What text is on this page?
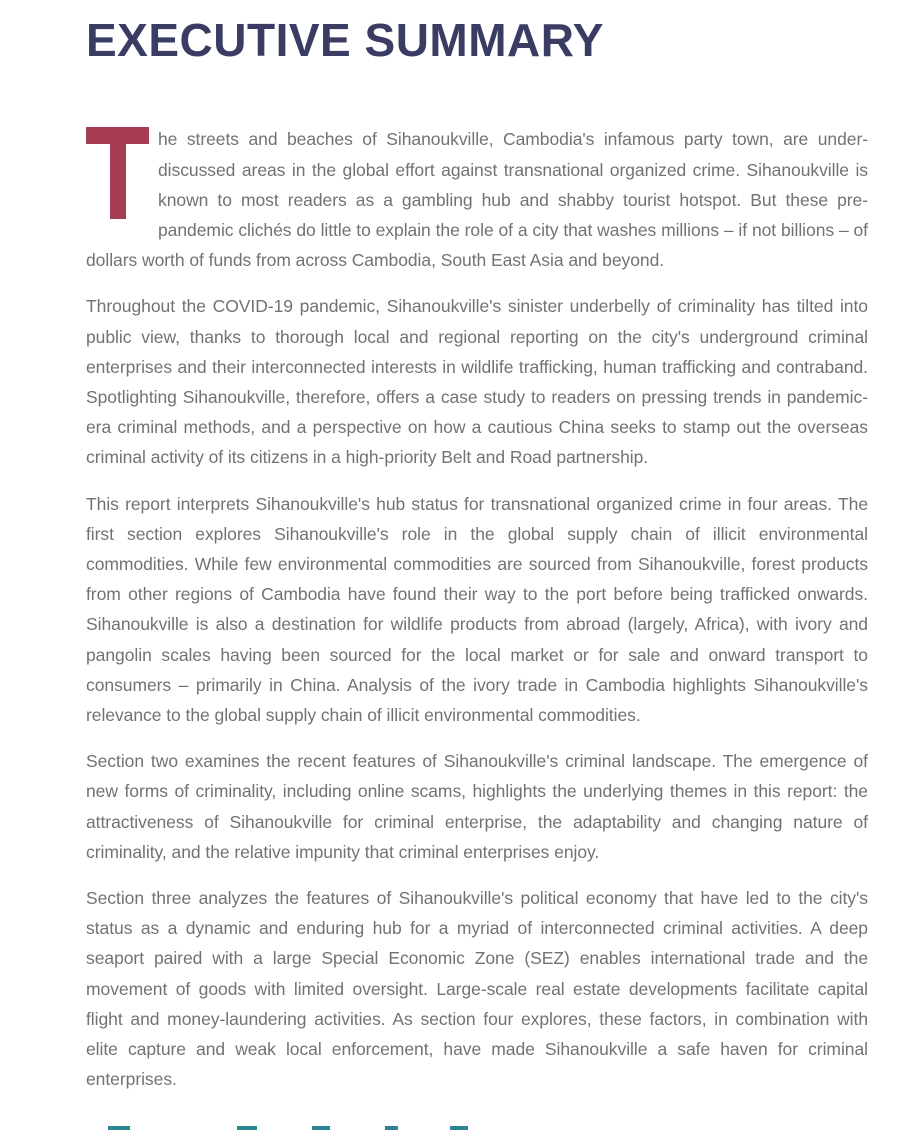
EXECUTIVE SUMMARY

he streets and beaches of Sihanoukville, Cambodia's infamous party town, are under-discussed areas in the global effort against transnational organized crime. Sihanoukville is known to most readers as a gambling hub and shabby tourist hotspot. But these pre-pandemic clichés do little to explain the role of a city that washes millions – if not billions – of dollars worth of funds from across Cambodia, South East Asia and beyond.

Throughout the COVID-19 pandemic, Sihanoukville's sinister underbelly of criminality has tilted into public view, thanks to thorough local and regional reporting on the city's underground criminal enterprises and their interconnected interests in wildlife trafficking, human trafficking and contraband. Spotlighting Sihanoukville, therefore, offers a case study to readers on pressing trends in pandemic-era criminal methods, and a perspective on how a cautious China seeks to stamp out the overseas criminal activity of its citizens in a high-priority Belt and Road partnership.

This report interprets Sihanoukville's hub status for transnational organized crime in four areas. The first section explores Sihanoukville's role in the global supply chain of illicit environmental commodities. While few environmental commodities are sourced from Sihanoukville, forest products from other regions of Cambodia have found their way to the port before being trafficked onwards. Sihanoukville is also a destination for wildlife products from abroad (largely, Africa), with ivory and pangolin scales having been sourced for the local market or for sale and onward transport to consumers – primarily in China. Analysis of the ivory trade in Cambodia highlights Sihanoukville's relevance to the global supply chain of illicit environmental commodities.

Section two examines the recent features of Sihanoukville's criminal landscape. The emergence of new forms of criminality, including online scams, highlights the underlying themes in this report: the attractiveness of Sihanoukville for criminal enterprise, the adaptability and changing nature of criminality, and the relative impunity that criminal enterprises enjoy.

Section three analyzes the features of Sihanoukville's political economy that have led to the city's status as a dynamic and enduring hub for a myriad of interconnected criminal activities. A deep seaport paired with a large Special Economic Zone (SEZ) enables international trade and the movement of goods with limited oversight. Large-scale real estate developments facilitate capital flight and money-laundering activities. As section four explores, these factors, in combination with elite capture and weak local enforcement, have made Sihanoukville a safe haven for criminal enterprises.
